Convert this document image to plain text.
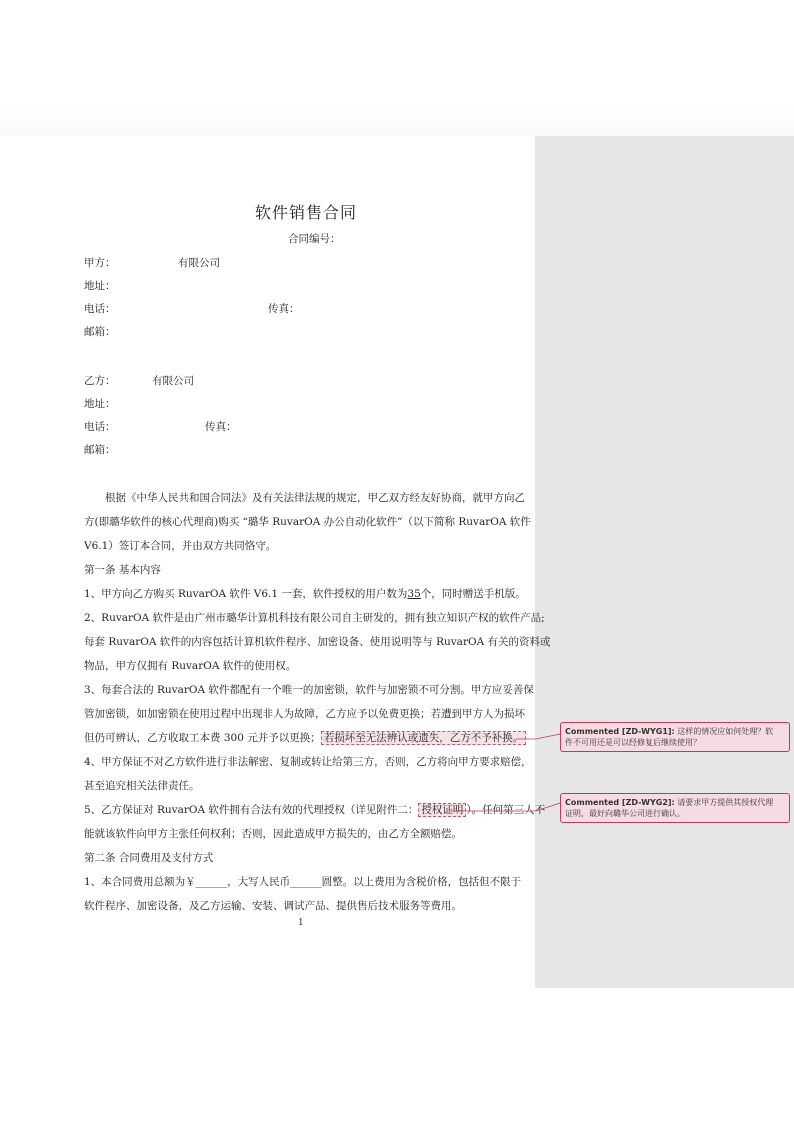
软件销售合同
合同编号：
甲方：	有限公司
地址：
电话：	传真：
邮箱：
乙方：	有限公司
地址：
电话：	传真：
邮箱：
根据《中华人民共和国合同法》及有关法律法规的规定，甲乙双方经友好协商，就甲方向乙
方(即璐华软件的核心代理商)购买 “璐华 RuvarOA 办公自动化软件”（以下简称 RuvarOA 软件
V6.1）签订本合同，并由双方共同恪守。
第一条 基本内容
1、甲方向乙方购买 RuvarOA 软件 V6.1 一套，软件授权的用户数为35个，同时赠送手机版。
2、RuvarOA 软件是由广州市璐华计算机科技有限公司自主研发的，拥有独立知识产权的软件产品;
每套 RuvarOA 软件的内容包括计算机软件程序、加密设备、使用说明等与 RuvarOA 有关的资料或
物品，甲方仅拥有 RuvarOA 软件的使用权。
3、每套合法的 RuvarOA 软件都配有一个唯一的加密锁，软件与加密锁不可分割。甲方应妥善保
管加密锁，如加密锁在使用过程中出现非人为故障，乙方应予以免费更换；若遭到甲方人为损坏
但仍可辨认，乙方收取工本费 300 元并予以更换； 若损坏至无法辨认或遗失，乙方不予补换。
4、甲方保证不对乙方软件进行非法解密、复制或转让给第三方，否则，乙方将向甲方要求赔偿，
甚至追究相关法律责任。
5、乙方保证对 RuvarOA 软件拥有合法有效的代理授权（详见附件二： 授权证明 ）。任何第三人不
能就该软件向甲方主张任何权利；否则，因此造成甲方损失的，由乙方全额赔偿。
第二条 合同费用及支付方式
1、本合同费用总额为￥______，大写人民币______圆整。以上费用为含税价格，包括但不限于
软件程序、加密设备，及乙方运输、安装、调试产品、提供售后技术服务等费用。
1
Commented [ZD-WYG1]: 这样的情况应如何处理？软
件不可用还是可以经修复后继续使用？
Commented [ZD-WYG2]: 请要求甲方提供其授权代理
证明，最好向璐华公司进行确认。
